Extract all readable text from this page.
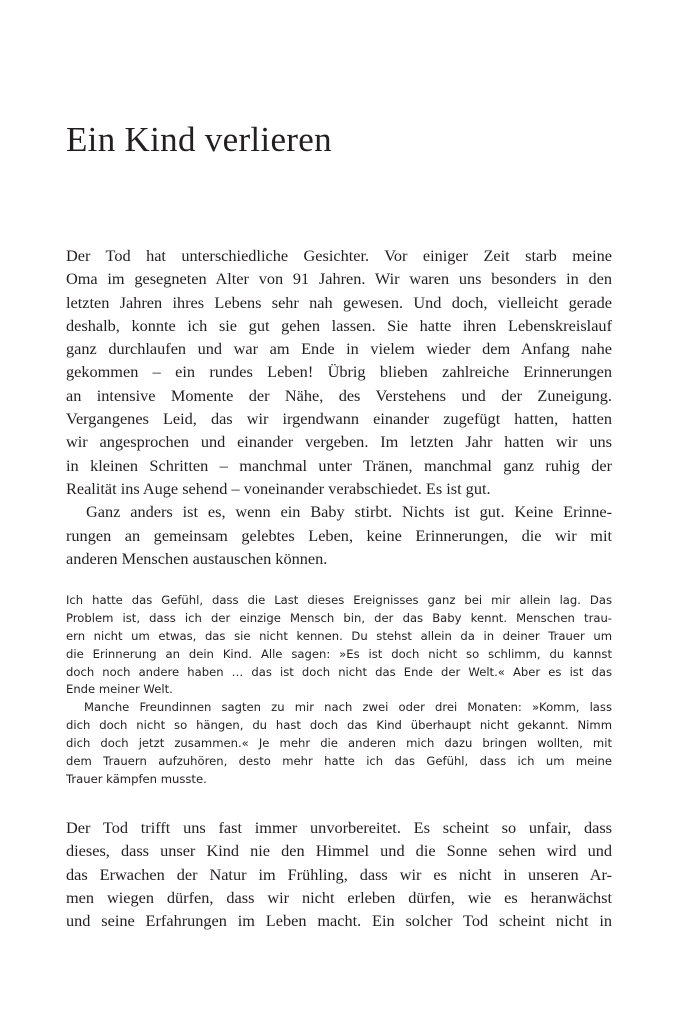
Ein Kind verlieren
Der Tod hat unterschiedliche Gesichter. Vor einiger Zeit starb meine
Oma im gesegneten Alter von 91 Jahren. Wir waren uns besonders in den
letzten Jahren ihres Lebens sehr nah gewesen. Und doch, vielleicht gerade
deshalb, konnte ich sie gut gehen lassen. Sie hatte ihren Lebenskreislauf
ganz durchlaufen und war am Ende in vielem wieder dem Anfang nahe
gekommen – ein rundes Leben! Übrig blieben zahlreiche Erinnerungen
an intensive Momente der Nähe, des Verstehens und der Zuneigung.
Vergangenes Leid, das wir irgendwann einander zugefügt hatten, hatten
wir angesprochen und einander vergeben. Im letzten Jahr hatten wir uns
in kleinen Schritten – manchmal unter Tränen, manchmal ganz ruhig der
Realität ins Auge sehend – voneinander verabschiedet. Es ist gut.
Ganz anders ist es, wenn ein Baby stirbt. Nichts ist gut. Keine Erinne-
rungen an gemeinsam gelebtes Leben, keine Erinnerungen, die wir mit
anderen Menschen austauschen können.
Ich hatte das Gefühl, dass die Last dieses Ereignisses ganz bei mir allein lag. Das
Problem ist, dass ich der einzige Mensch bin, der das Baby kennt. Menschen trau-
ern nicht um etwas, das sie nicht kennen. Du stehst allein da in deiner Trauer um
die Erinnerung an dein Kind. Alle sagen: »Es ist doch nicht so schlimm, du kannst
doch noch andere haben … das ist doch nicht das Ende der Welt.« Aber es ist das
Ende meiner Welt.
Manche Freundinnen sagten zu mir nach zwei oder drei Monaten: »Komm, lass
dich doch nicht so hängen, du hast doch das Kind überhaupt nicht gekannt. Nimm
dich doch jetzt zusammen.« Je mehr die anderen mich dazu bringen wollten, mit
dem Trauern aufzuhören, desto mehr hatte ich das Gefühl, dass ich um meine
Trauer kämpfen musste.
Der Tod trifft uns fast immer unvorbereitet. Es scheint so unfair, dass
dieses, dass unser Kind nie den Himmel und die Sonne sehen wird und
das Erwachen der Natur im Frühling, dass wir es nicht in unseren Ar-
men wiegen dürfen, dass wir nicht erleben dürfen, wie es heranwächst
und seine Erfahrungen im Leben macht. Ein solcher Tod scheint nicht in
